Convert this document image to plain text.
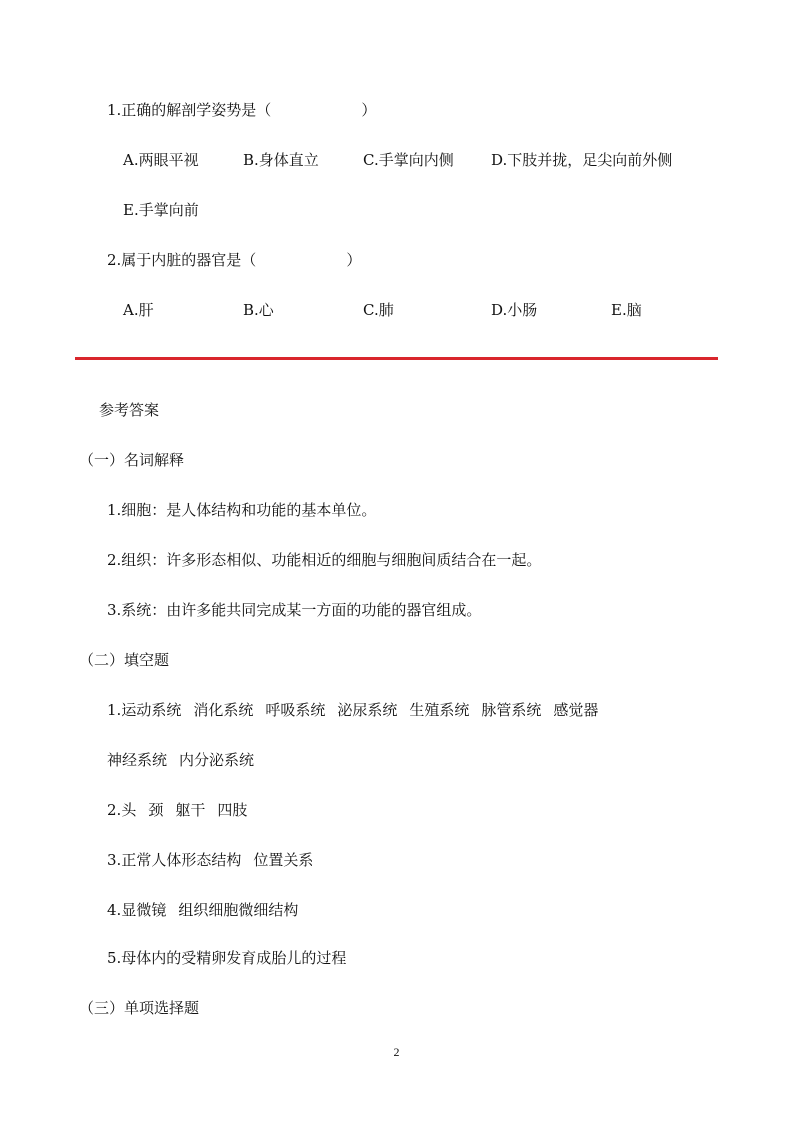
1.正确的解剖学姿势是（　　　　　　）
A.两眼平视	B.身体直立	C.手掌向内侧 D.下肢并拢，足尖向前外侧
E.手掌向前
2.属于内脏的器官是（　　　　　　）
A.肝	B.心	C.肺	D.小肠	E.脑
参考答案
（一）名词解释
1.细胞：是人体结构和功能的基本单位。
2.组织：许多形态相似、功能相近的细胞与细胞间质结合在一起。
3.系统：由许多能共同完成某一方面的功能的器官组成。
（二）填空题
1.运动系统 消化系统 呼吸系统 泌尿系统 生殖系统 脉管系统 感觉器
神经系统 内分泌系统
2.头 颈 躯干 四肢
3.正常人体形态结构 位置关系
4.显微镜 组织细胞微细结构
5.母体内的受精卵发育成胎儿的过程
（三）单项选择题
2
